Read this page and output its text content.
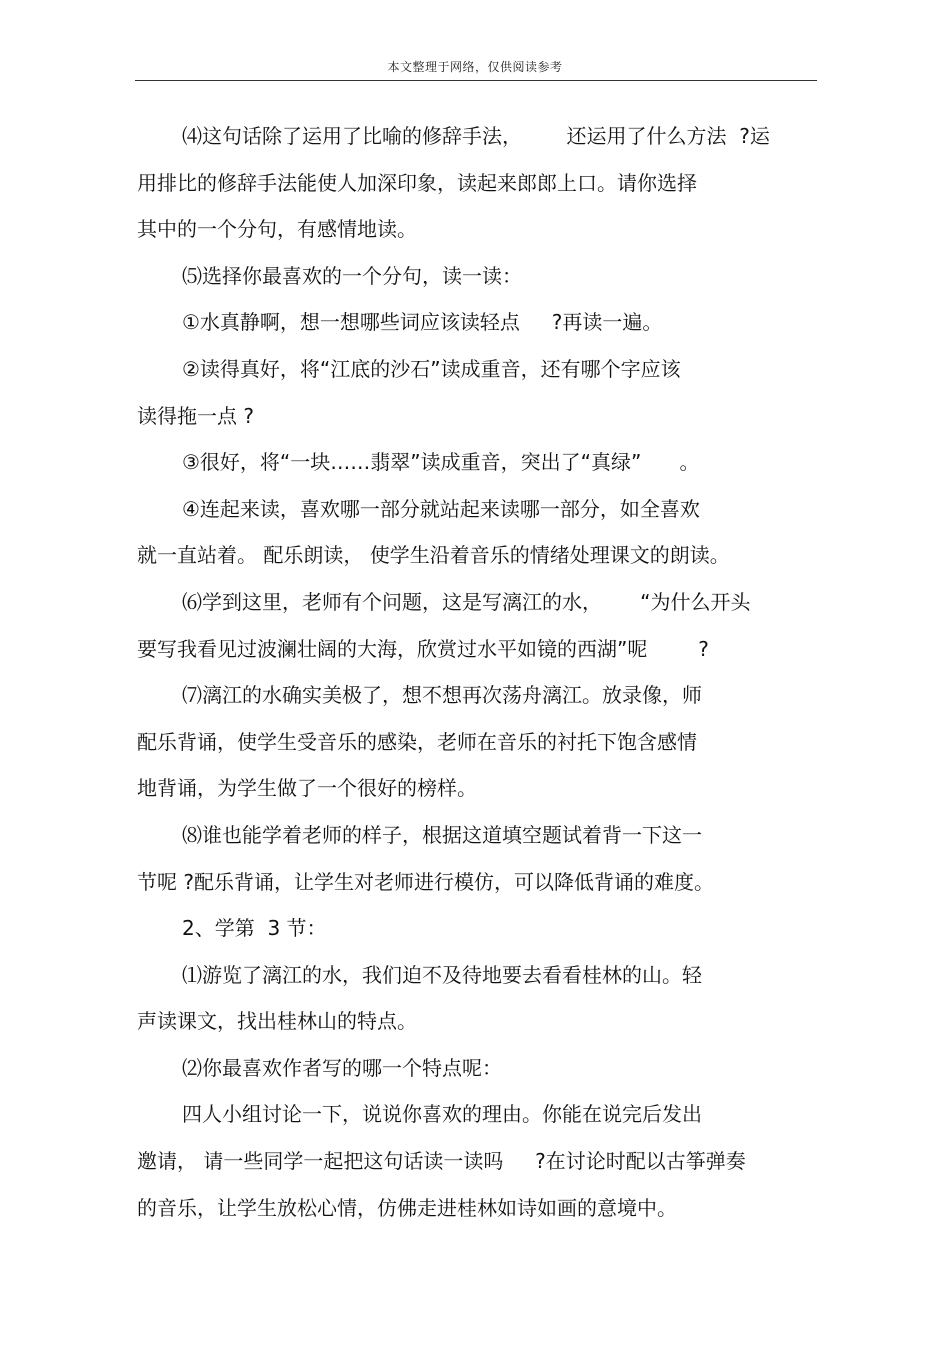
本文整理于网络，仅供阅读参考

⑷这句话除了运用了比喻的修辞手法，       还运用了什么方法  ?运

用排比的修辞手法能使人加深印象，读起来郎郎上口。请你选择

其中的一个分句，有感情地读。

⑸选择你最喜欢的一个分句，读一读：

①水真静啊，想一想哪些词应该读轻点     ?再读一遍。

②读得真好，将“江底的沙石”读成重音，还有哪个字应该

读得拖一点 ?

③很好，将“一块……翡翠”读成重音，突出了“真绿”      。

④连起来读，喜欢哪一部分就站起来读哪一部分，如全喜欢

就一直站着。 配乐朗读， 使学生沿着音乐的情绪处理课文的朗读。

⑹学到这里，老师有个问题，这是写漓江的水，      “为什么开头

要写我看见过波澜壮阔的大海，欣赏过水平如镜的西湖”呢        ?

⑺漓江的水确实美极了，想不想再次荡舟漓江。放录像，师

配乐背诵，使学生受音乐的感染，老师在音乐的衬托下饱含感情

地背诵，为学生做了一个很好的榜样。

⑻谁也能学着老师的样子，根据这道填空题试着背一下这一

节呢 ?配乐背诵，让学生对老师进行模仿，可以降低背诵的难度。

2、学第  3 节：

⑴游览了漓江的水，我们迫不及待地要去看看桂林的山。轻

声读课文，找出桂林山的特点。

⑵你最喜欢作者写的哪一个特点呢：

四人小组讨论一下，说说你喜欢的理由。你能在说完后发出

邀请， 请一些同学一起把这句话读一读吗     ?在讨论时配以古筝弹奏

的音乐，让学生放松心情，仿佛走进桂林如诗如画的意境中。
